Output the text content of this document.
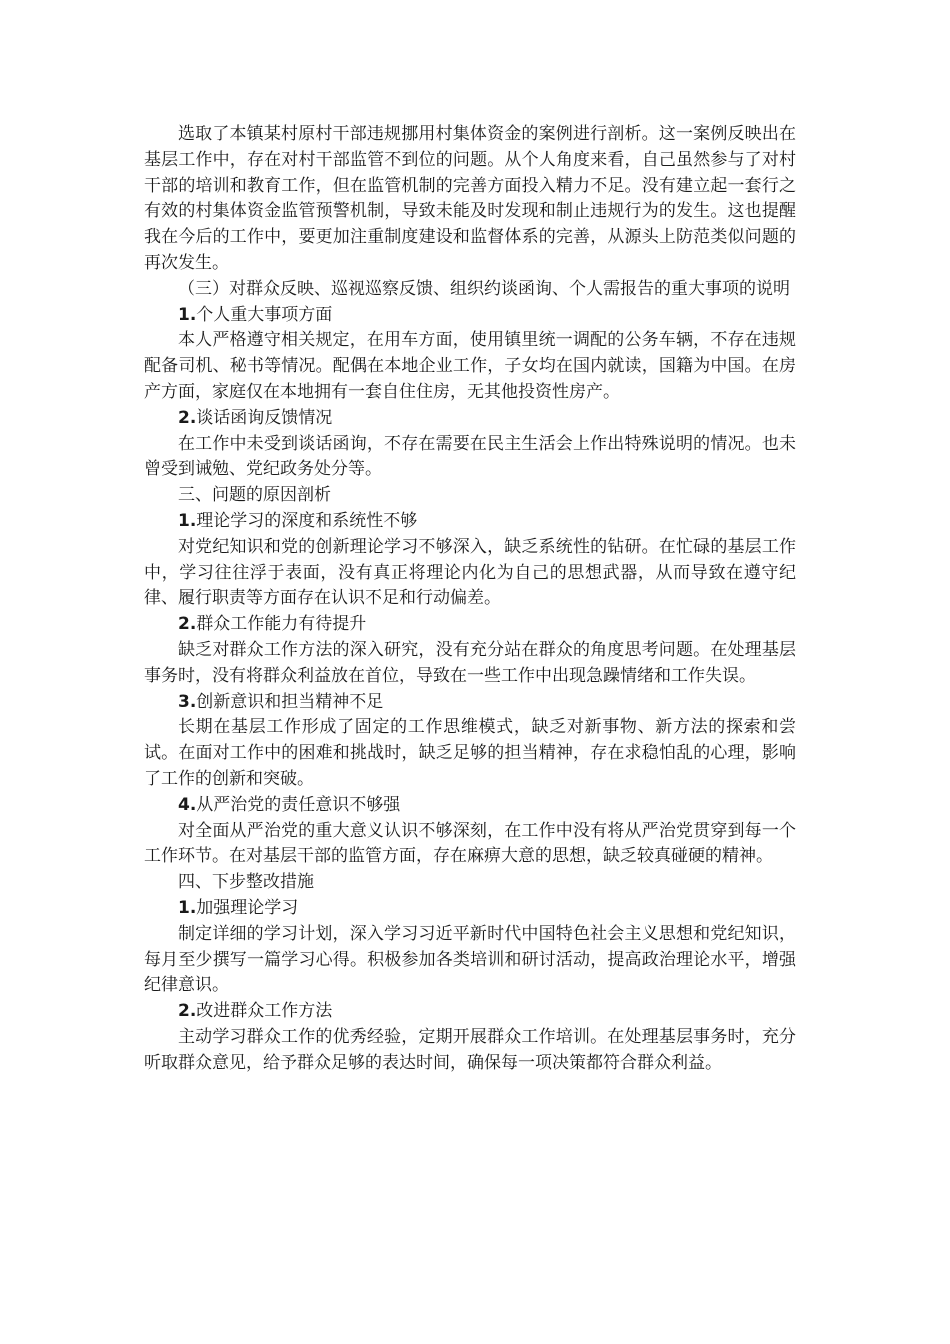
选取了本镇某村原村干部违规挪用村集体资金的案例进行剖析。这一案例反映出在基层工作中，存在对村干部监管不到位的问题。从个人角度来看，自己虽然参与了对村干部的培训和教育工作，但在监管机制的完善方面投入精力不足。没有建立起一套行之有效的村集体资金监管预警机制，导致未能及时发现和制止违规行为的发生。这也提醒我在今后的工作中，要更加注重制度建设和监督体系的完善，从源头上防范类似问题的再次发生。

（三）对群众反映、巡视巡察反馈、组织约谈函询、个人需报告的重大事项的说明

1.个人重大事项方面

本人严格遵守相关规定，在用车方面，使用镇里统一调配的公务车辆，不存在违规配备司机、秘书等情况。配偶在本地企业工作，子女均在国内就读，国籍为中国。在房产方面，家庭仅在本地拥有一套自住住房，无其他投资性房产。

2.谈话函询反馈情况

在工作中未受到谈话函询，不存在需要在民主生活会上作出特殊说明的情况。也未曾受到诫勉、党纪政务处分等。

三、问题的原因剖析

1.理论学习的深度和系统性不够

对党纪知识和党的创新理论学习不够深入，缺乏系统性的钻研。在忙碌的基层工作中，学习往往浮于表面，没有真正将理论内化为自己的思想武器，从而导致在遵守纪律、履行职责等方面存在认识不足和行动偏差。

2.群众工作能力有待提升

缺乏对群众工作方法的深入研究，没有充分站在群众的角度思考问题。在处理基层事务时，没有将群众利益放在首位，导致在一些工作中出现急躁情绪和工作失误。

3.创新意识和担当精神不足

长期在基层工作形成了固定的工作思维模式，缺乏对新事物、新方法的探索和尝试。在面对工作中的困难和挑战时，缺乏足够的担当精神，存在求稳怕乱的心理，影响了工作的创新和突破。

4.从严治党的责任意识不够强

对全面从严治党的重大意义认识不够深刻，在工作中没有将从严治党贯穿到每一个工作环节。在对基层干部的监管方面，存在麻痹大意的思想，缺乏较真碰硬的精神。

四、下步整改措施

1.加强理论学习

制定详细的学习计划，深入学习习近平新时代中国特色社会主义思想和党纪知识，每月至少撰写一篇学习心得。积极参加各类培训和研讨活动，提高政治理论水平，增强纪律意识。

2.改进群众工作方法

主动学习群众工作的优秀经验，定期开展群众工作培训。在处理基层事务时，充分听取群众意见，给予群众足够的表达时间，确保每一项决策都符合群众利益。
